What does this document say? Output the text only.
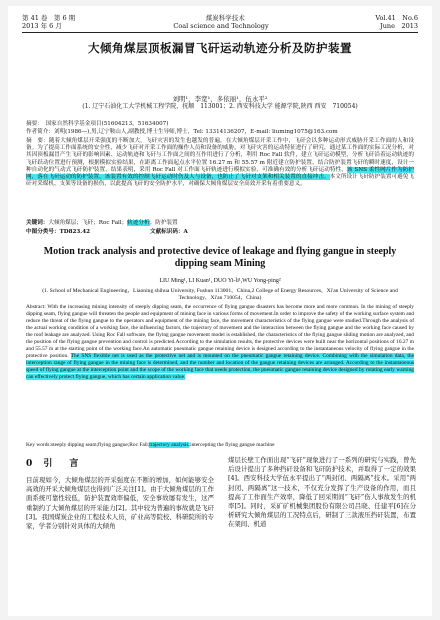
第 41 卷　第 6 期	煤炭科学技术	Vol.41　No.6
2013 年 6 月	Coal science and Technology	June　2013
大倾角煤层顶板漏冒飞矸运动轨迹分析及防护装置
刘明¹，李宽¹，多依丽¹，伍永平²
(1. 辽宁石油化工大学机械工程学院，抚顺　113001；2. 西安科技大学 能源学院,陕西 西安　710054)
摘要：　国家自然科学基金项目(51604213，51634007)
作者简介：刘明(1986—),男,辽宁鞍山人,副教授,博士生导师,博士，Tel: 13314136207，E-mail: liuming1075@163.com
摘　要：随着大倾角煤层开采强度的不断加大，飞矸灾害的发生也越发的普遍，在大倾角煤层开采工作中，飞矸会以多种运动形式威胁开采工作面的人和设备。为了提高工作面系统的安全性，减少飞矸对开采工作面的操作人员和设备的威胁，对飞矸灾害的运动特征进行了研究，通过某工作面的实际工况分析，对其因顶板漏冒产生飞矸的影响因素、运动轨迹和飞矸与工作面之间的互作用进行了分析，利用 Roc Fall 软件，建立飞矸运动模型，分析飞矸沿着运动轨迹的飞矸跃动位置进行预测，根据模拟实验结果，在距离工作面起点水平位置 16.27 m 和 55.57 m 附近建立防护装置，结合防护装置飞矸的瞬时速度，设计一种自动化的气动式飞矸防护装置，结果表明，采用 Roc Fall 对工作面飞矸轨迹进行模拟实验，可准确有效的分析飞矸运动特性，该 SNS 柔性网片作为防护网，落在飞矸运动的防护装置，该装置有效的控制飞矸运动时伤及人与设备，也防止了飞矸对支架和相关装置的直接冲击。本文所设计飞矸防护装置可避免飞矸对采煤机、支架等设备的损伤，以此提高飞矸的安全防护水平，对确保大倾角煤层安全高效开采有着重要意义。
关键词：大倾角煤层；飞矸；Roc Fall；轨迹分析；防护装置
中图分类号：TD823.42	文献标识码：A
Motion track analysis and protective device of leakage and flying gangue in steeply dipping seam Mining
LIU Ming¹, LI Kuan¹, DUO Yi-li¹,WU Yong-ping²
(1. School of Mechanical Engineering，Liaoning shihua University, Fushun 113001，China,2 College of Energy Resources，Xi'an University of Science and Technology，Xi'an 710054，China)
Abstract: With the increasing mining intensity of steeply dipping seam, the occurrence of flying gangue disasters has become more and more common. In the mining of steeply dipping seam, flying gangue will threaten the people and equipment of mining face in various forms of movement.In order to improve the safety of the working surface system and reduce the threat of the flying gangue to the operators and equipment of the mining face, the movement characteristics of the flying gangue were studied.Through the analysis of the actual working condition of a working face, the influencing factors, the trajectory of movement and the interaction between the flying gangue and the working face caused by the roof leakage are analyzed. Using Roc Fall software, the flying gangue movement model is established, the characteristics of the flying gangue sliding motion are analyzed, and the position of the flying gangue prevention and control is predicted.According to the simulation results, the protective devices were built near the horizontal positions of 16.27 m and 55.57 m at the starting point of the working face.An automatic pneumatic gangue retaining device is designed according to the instantaneous velocity of flying gangue in the protective position. The SNS flexible net is used as the protective net and is mounted on the pneumatic gangue retaining device. Combining with the simulation data, the interception range of flying gangue in the mining face is determined, and the number and location of the gangue retaining devices are arranged. According to the instantaneous speed of flying gangue at the interception point and the scope of the working face that needs protection, the pneumatic gangue retaining device designed by rotating early warning can effectively protect flying gangue, which has certain application value.
Key words:steeply dipping seam;flying gangue;Roc Fall;trajectory analysis;intercepting the flying gangue machine
0 引　言
目前現如今，大倾角煤层的开采强度在不断的增加，如何能够安全高效的开采大倾角煤层也得到广泛关注[1]。由于大倾角煤层的工作面系统可靠性较低，防护装置效率偏低，安全事故屡有发生，这严重制约了大倾角煤层的开采能力[2]。其中较为普遍的事故就是飞矸[3]。我国煤炭企业的工程技术人员，矿业高等院校、科研院所的专家，学者分别针对具体的大倾角
煤层长壁工作面出现“飞矸”现象进行了一系列的研究与实践，曾先后设计提出了多种挡矸设备和飞矸防护技术，并取得了一定的效果[4]。西安科技大学伍永平提出了“两封闭、两隔离”技术。采用“两封闭、两隔离”这一技术，不仅充分发挥了生产设备的作用，而且提高了工作面生产效率，降低了回采期间“飞矸”伤人事故发生的机率[5]。同时，采矿矿机械集团股份有限公司吕晓、任建平[6]在分析研究大倾角煤层的工况特点后，研制了三款液压挡矸装置，布置在架间、机道
